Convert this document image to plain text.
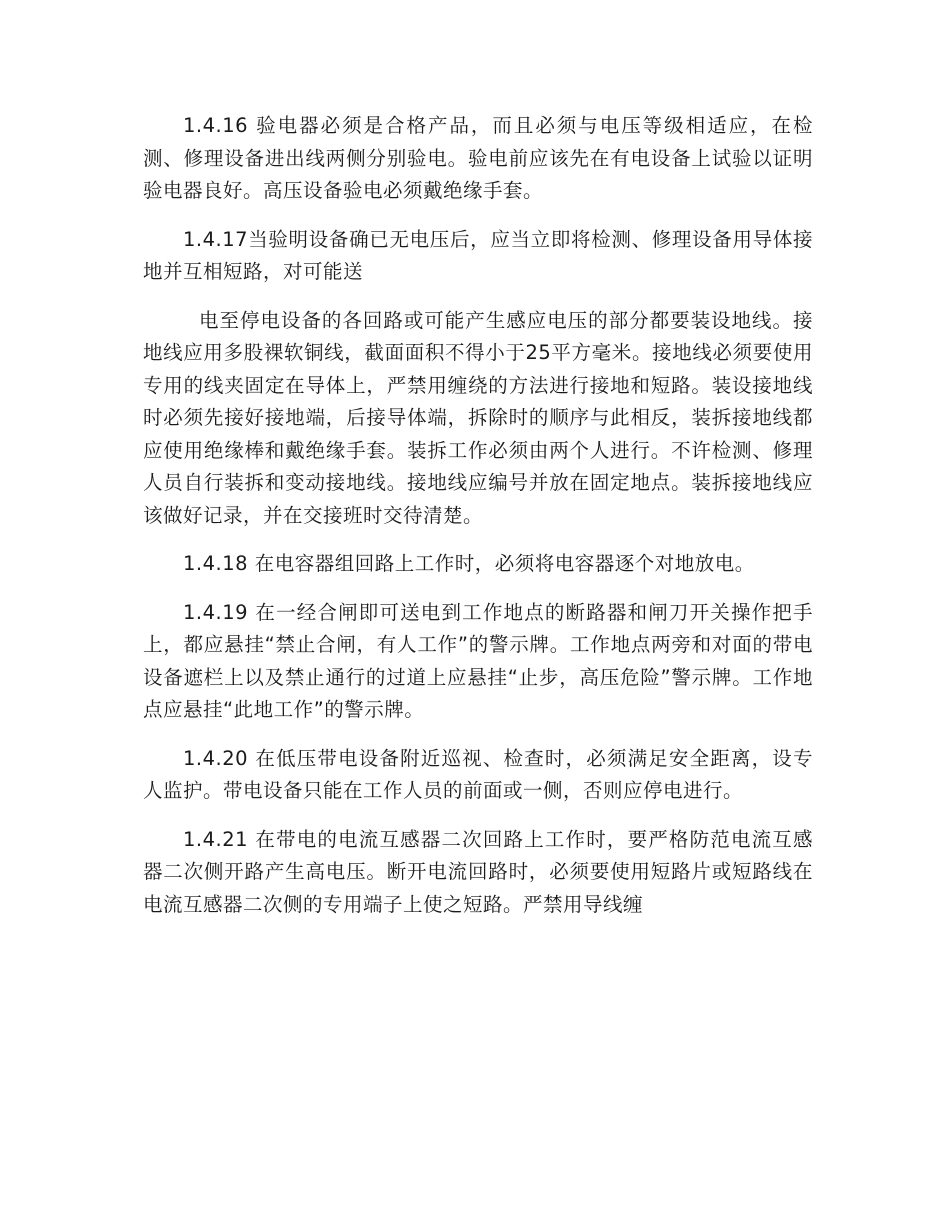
1.4.16 验电器必须是合格产品，而且必须与电压等级相适应，在检测、修理设备进出线两侧分别验电。验电前应该先在有电设备上试验以证明验电器良好。高压设备验电必须戴绝缘手套。

1.4.17当验明设备确已无电压后，应当立即将检测、修理设备用导体接地并互相短路，对可能送

电至停电设备的各回路或可能产生感应电压的部分都要装设地线。接地线应用多股裸软铜线，截面面积不得小于25平方毫米。接地线必须要使用专用的线夹固定在导体上，严禁用缠绕的方法进行接地和短路。装设接地线时必须先接好接地端，后接导体端，拆除时的顺序与此相反，装拆接地线都应使用绝缘棒和戴绝缘手套。装拆工作必须由两个人进行。不许检测、修理人员自行装拆和变动接地线。接地线应编号并放在固定地点。装拆接地线应该做好记录，并在交接班时交待清楚。

1.4.18 在电容器组回路上工作时，必须将电容器逐个对地放电。

1.4.19 在一经合闸即可送电到工作地点的断路器和闸刀开关操作把手上，都应悬挂“禁止合闸，有人工作”的警示牌。工作地点两旁和对面的带电设备遮栏上以及禁止通行的过道上应悬挂“止步，高压危险”警示牌。工作地点应悬挂“此地工作”的警示牌。

1.4.20 在低压带电设备附近巡视、检查时，必须满足安全距离，设专人监护。带电设备只能在工作人员的前面或一侧，否则应停电进行。

1.4.21 在带电的电流互感器二次回路上工作时，要严格防范电流互感器二次侧开路产生高电压。断开电流回路时，必须要使用短路片或短路线在电流互感器二次侧的专用端子上使之短路。严禁用导线缠
